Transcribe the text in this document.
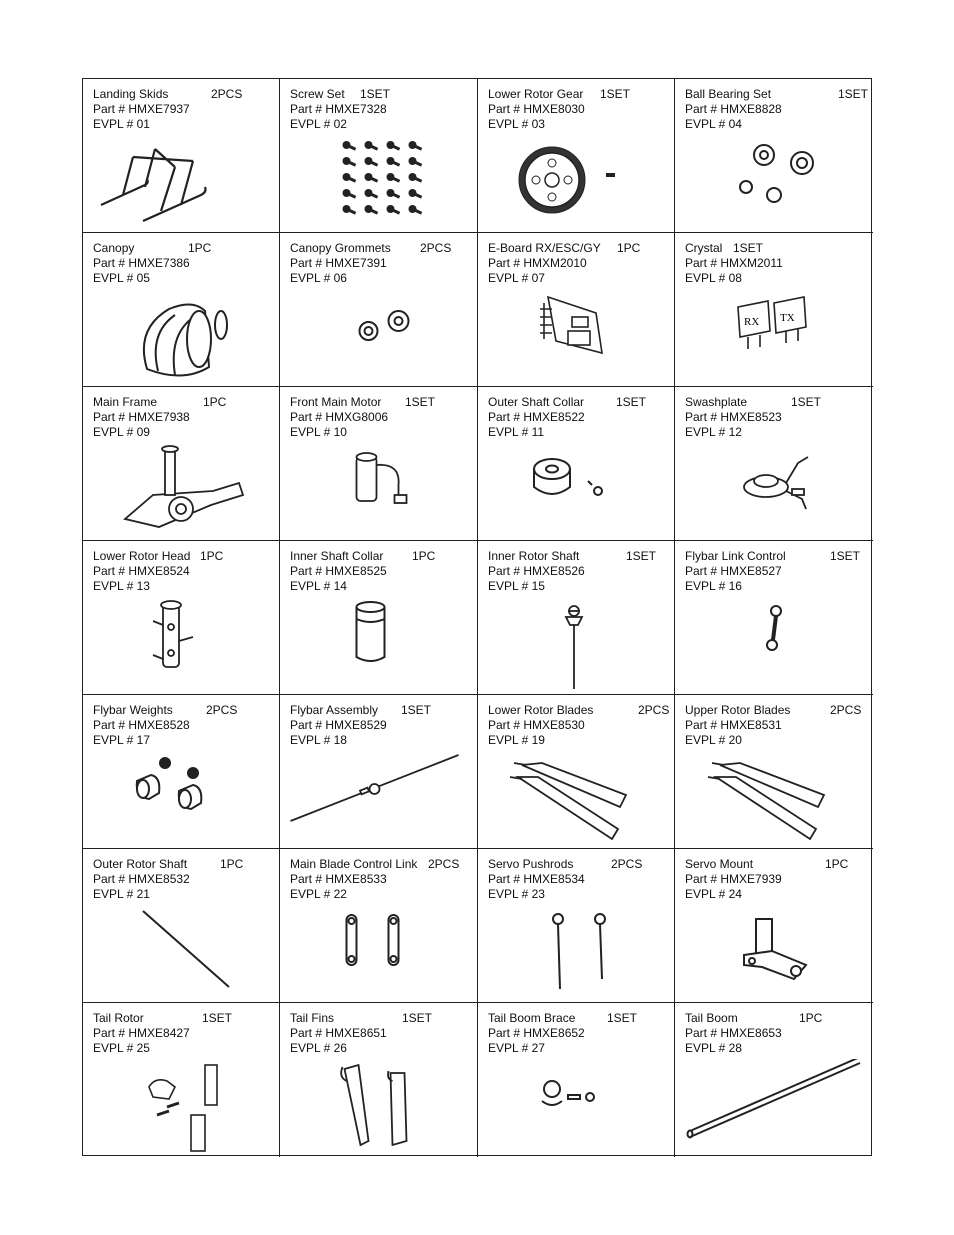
Landing Skids	2PCS
Part # HMXE7937
EVPL # 01
Screw Set 1SET
Part # HMXE7328
EVPL # 02
Lower Rotor Gear 1SET
Part # HMXE8030
EVPL # 03
Ball Bearing Set	1SET
Part # HMXE8828
EVPL # 04
Canopy	1PC
Part # HMXE7386
EVPL # 05
Canopy Grommets 2PCS
Part # HMXE7391
EVPL # 06
E-Board RX/ESC/GY 1PC
Part # HMXM2010
EVPL # 07
Crystal 1SET
Part # HMXM2011
EVPL # 08
RX TX
Main Frame	1PC
Part # HMXE7938
EVPL # 09
Front Main Motor 1SET
Part # HMXG8006
EVPL # 10
Outer Shaft Collar	1SET
Part # HMXE8522
EVPL # 11
Swashplate	1SET
Part # HMXE8523
EVPL # 12
Lower Rotor Head 1PC
Part # HMXE8524
EVPL # 13
Inner Shaft Collar 1PC
Part # HMXE8525
EVPL # 14
Inner Rotor Shaft	1SET
Part # HMXE8526
EVPL # 15
Flybar Link Control	1SET
Part # HMXE8527
EVPL # 16
Flybar Weights	2PCS
Part # HMXE8528
EVPL # 17
Flybar Assembly 1SET
Part # HMXE8529
EVPL # 18
Lower Rotor Blades	2PCS
Part # HMXE8530
EVPL # 19
Upper Rotor Blades	2PCS
Part # HMXE8531
EVPL # 20
Outer Rotor Shaft	1PC
Part # HMXE8532
EVPL # 21
Main Blade Control Link 2PCS
Part # HMXE8533
EVPL # 22
Servo Pushrods	2PCS
Part # HMXE8534
EVPL # 23
Servo Mount	1PC
Part # HMXE7939
EVPL # 24
Tail Rotor	1SET
Part # HMXE8427
EVPL # 25
Tail Fins	1SET
Part # HMXE8651
EVPL # 26
Tail Boom Brace	1SET
Part # HMXE8652
EVPL # 27
Tail Boom	1PC
Part # HMXE8653
EVPL # 28
